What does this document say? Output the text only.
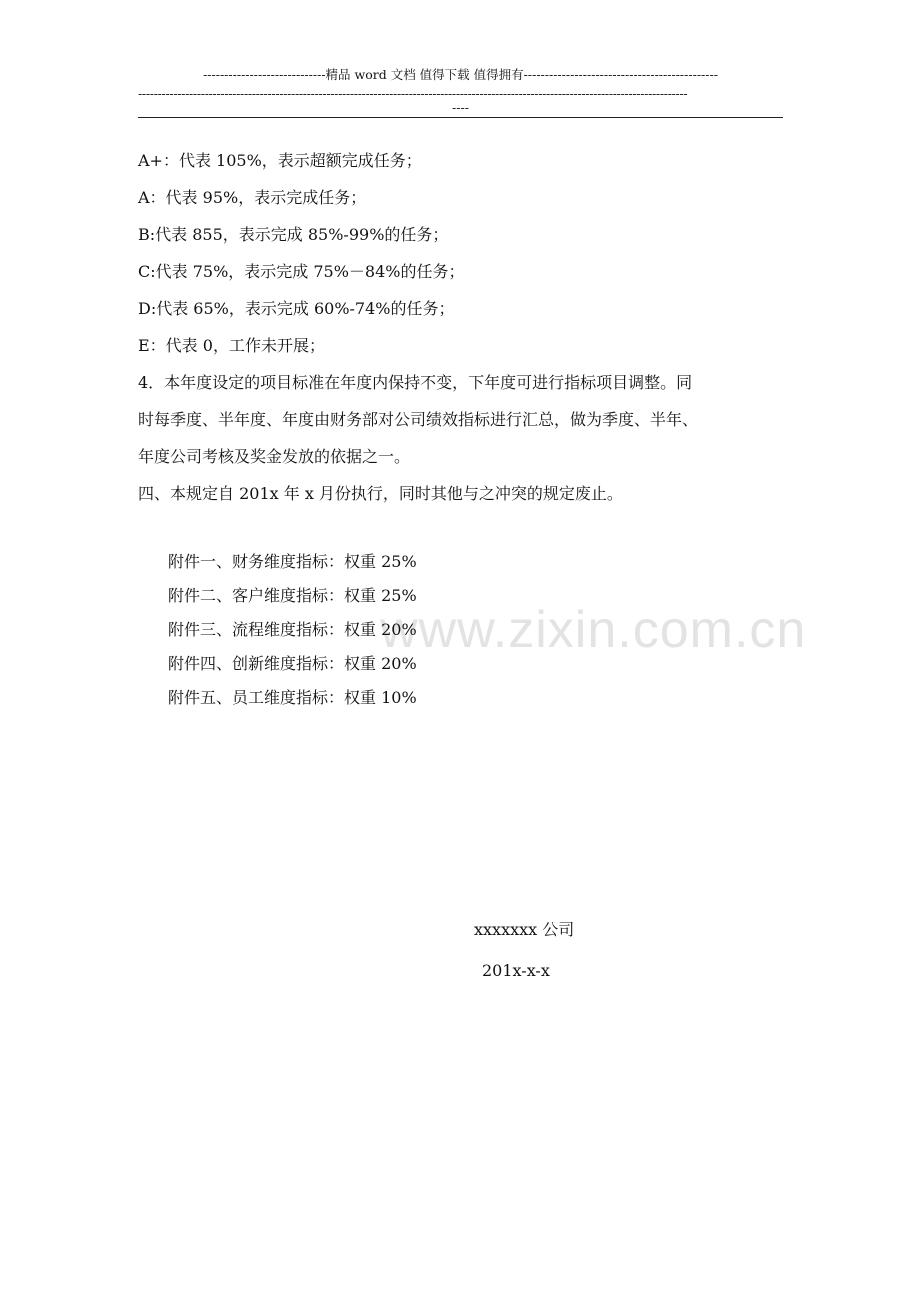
-----------------------------精品 word 文档 值得下载 值得拥有----------------------------------------------
--------------------------------------------------------------------------------------------------------------------------------------------
----
www.zixin.com.cn
A+：代表 105%，表示超额完成任务；
A：代表 95%，表示完成任务；
B:代表 855，表示完成 85%-99%的任务；
C:代表 75%，表示完成 75%－84%的任务；
D:代表 65%，表示完成 60%-74%的任务；
E：代表 0，工作未开展；
4．本年度设定的项目标准在年度内保持不变，下年度可进行指标项目调整。同
时每季度、半年度、年度由财务部对公司绩效指标进行汇总，做为季度、半年、
年度公司考核及奖金发放的依据之一。
四、本规定自 201x 年 x 月份执行，同时其他与之冲突的规定废止。
附件一、财务维度指标：权重 25%
附件二、客户维度指标：权重 25%
附件三、流程维度指标：权重 20%
附件四、创新维度指标：权重 20%
附件五、员工维度指标：权重 10%
xxxxxxx 公司
201x-x-x
